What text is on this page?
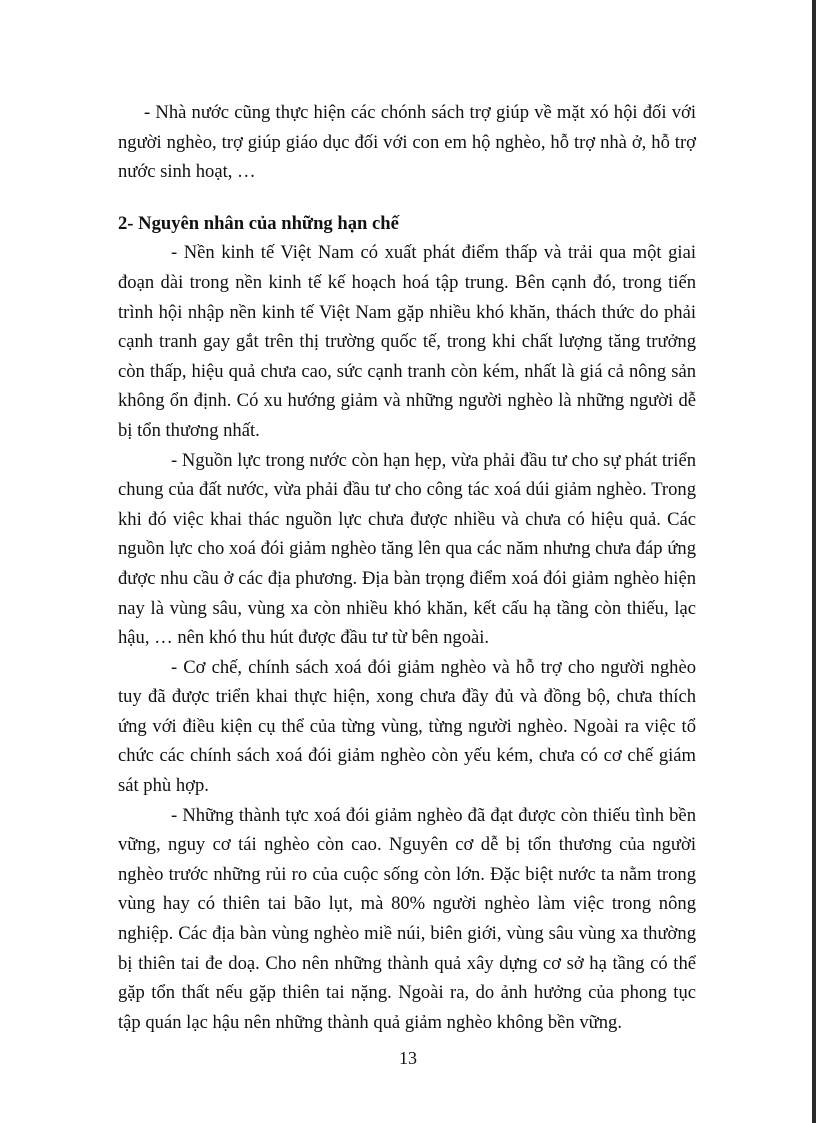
- Nhà nước cũng thực hiện các chónh sách trợ giúp về mặt xó hội đối với người nghèo, trợ giúp giáo dục đối với con em hộ nghèo, hỗ trợ nhà ở, hỗ trợ nước sinh hoạt, …

2- Nguyên nhân của những hạn chế

- Nền kinh tế Việt Nam có xuất phát điểm thấp và trải qua một giai đoạn dài trong nền kinh tế kế hoạch hoá tập trung. Bên cạnh đó, trong tiến trình hội nhập nền kinh tế Việt Nam gặp nhiều khó khăn, thách thức do phải cạnh tranh gay gắt trên thị trường quốc tế, trong khi chất lượng tăng trưởng còn thấp, hiệu quả chưa cao, sức cạnh tranh còn kém, nhất là giá cả nông sản không ổn định. Có xu hướng giảm và những người nghèo là những người dễ bị tổn thương nhất.

- Nguồn lực trong nước còn hạn hẹp, vừa phải đầu tư cho sự phát triển chung của đất nước, vừa phải đầu tư cho công tác xoá dúi giảm nghèo. Trong khi đó việc khai thác nguồn lực chưa được nhiều và chưa có hiệu quả. Các nguồn lực cho xoá đói giảm nghèo tăng lên qua các năm nhưng chưa đáp ứng được nhu cầu ở các địa phương. Địa bàn trọng điểm xoá đói giảm nghèo hiện nay là vùng sâu, vùng xa còn nhiều khó khăn, kết cấu hạ tầng còn thiếu, lạc hậu, … nên khó thu hút được đầu tư từ bên ngoài.

- Cơ chế, chính sách xoá đói giảm nghèo và hỗ trợ cho người nghèo tuy đã được triển khai thực hiện, xong chưa đầy đủ và đồng bộ, chưa thích ứng với điều kiện cụ thể của từng vùng, từng người nghèo. Ngoài ra việc tổ chức các chính sách xoá đói giảm nghèo còn yếu kém, chưa có cơ chế giám sát phù hợp.

- Những thành tực xoá đói giảm nghèo đã đạt được còn thiếu tình bền vững, nguy cơ tái nghèo còn cao. Nguyên cơ dễ bị tổn thương của người nghèo trước những rủi ro của cuộc sống còn lớn. Đặc biệt nước ta nằm trong vùng hay có thiên tai bão lụt, mà 80% người nghèo làm việc trong nông nghiệp. Các địa bàn vùng nghèo miề núi, biên giới, vùng sâu vùng xa thường bị thiên tai đe doạ. Cho nên những thành quả xây dựng cơ sở hạ tầng có thể gặp tổn thất nếu gặp thiên tai nặng. Ngoài ra, do ảnh hưởng của phong tục tập quán lạc hậu nên những thành quả giảm nghèo không bền vững.

13
